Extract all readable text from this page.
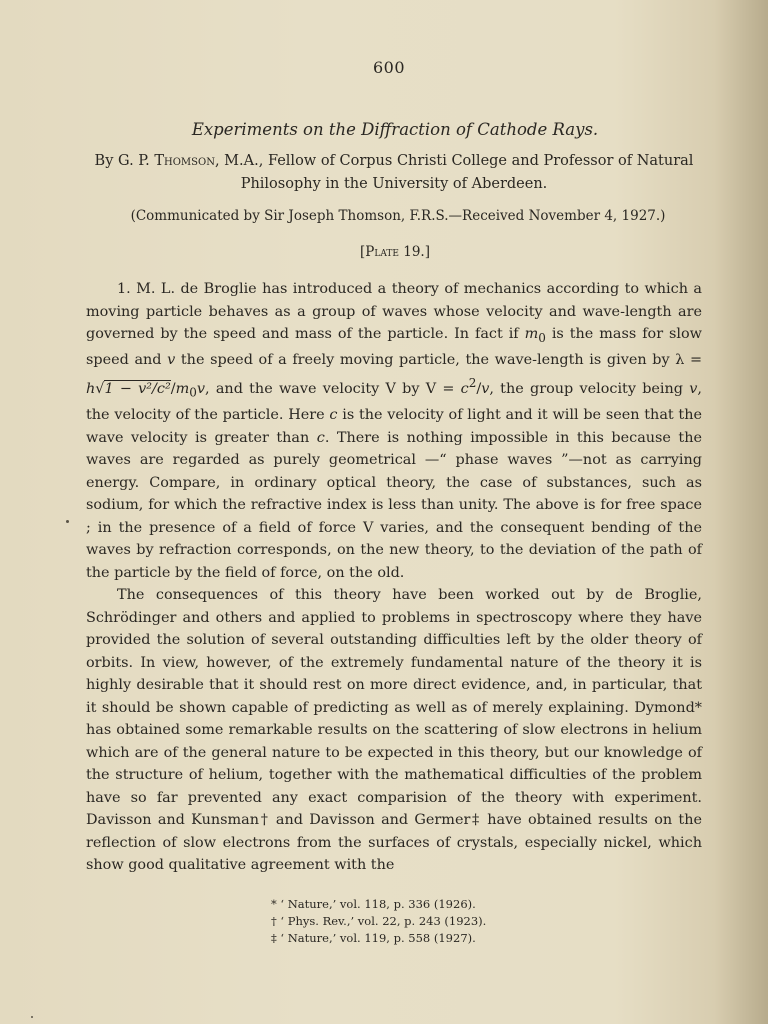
600
Experiments on the Diffraction of Cathode Rays.
By G. P. Thomson, M.A., Fellow of Corpus Christi College and Professor of Natural Philosophy in the University of Aberdeen.
(Communicated by Sir Joseph Thomson, F.R.S.—Received November 4, 1927.)
[Plate 19.]

1. M. L. de Broglie has introduced a theory of mechanics according to which a moving particle behaves as a group of waves whose velocity and wave-length are governed by the speed and mass of the particle. In fact if $m_0$ is the mass for slow speed and v the speed of a freely moving particle, the wave-length is given by $\lambda = h√1 - v^2/c^2/m_0v$, and the wave velocity V by $V = c^2/v$, the group velocity being v, the velocity of the particle. Here c is the velocity of light and it will be seen that the wave velocity is greater than c. There is nothing impossible in this because the waves are regarded as purely geometrical —“ phase waves ”—not as carrying energy. Compare, in ordinary optical theory, the case of substances, such as sodium, for which the refractive index is less than unity. The above is for free space ; in the presence of a field of force V varies, and the consequent bending of the waves by refraction corresponds, on the new theory, to the deviation of the path of the particle by the field of force, on the old.

The consequences of this theory have been worked out by de Broglie, Schrödinger and others and applied to problems in spectroscopy where they have provided the solution of several outstanding difficulties left by the older theory of orbits. In view, however, of the extremely fundamental nature of the theory it is highly desirable that it should rest on more direct evidence, and, in particular, that it should be shown capable of predicting as well as of merely explaining. Dymond* has obtained some remarkable results on the scattering of slow electrons in helium which are of the general nature to be expected in this theory, but our knowledge of the structure of helium, together with the mathematical difficulties of the problem have so far prevented any exact comparision of the theory with experiment. Davisson and Kunsman† and Davisson and Germer‡ have obtained results on the reflection of slow electrons from the surfaces of crystals, especially nickel, which show good qualitative agreement with the

* ‘ Nature,’ vol. 118, p. 336 (1926).

† ‘ Phys. Rev.,’ vol. 22, p. 243 (1923).

‡ ‘ Nature,’ vol. 119, p. 558 (1927).
